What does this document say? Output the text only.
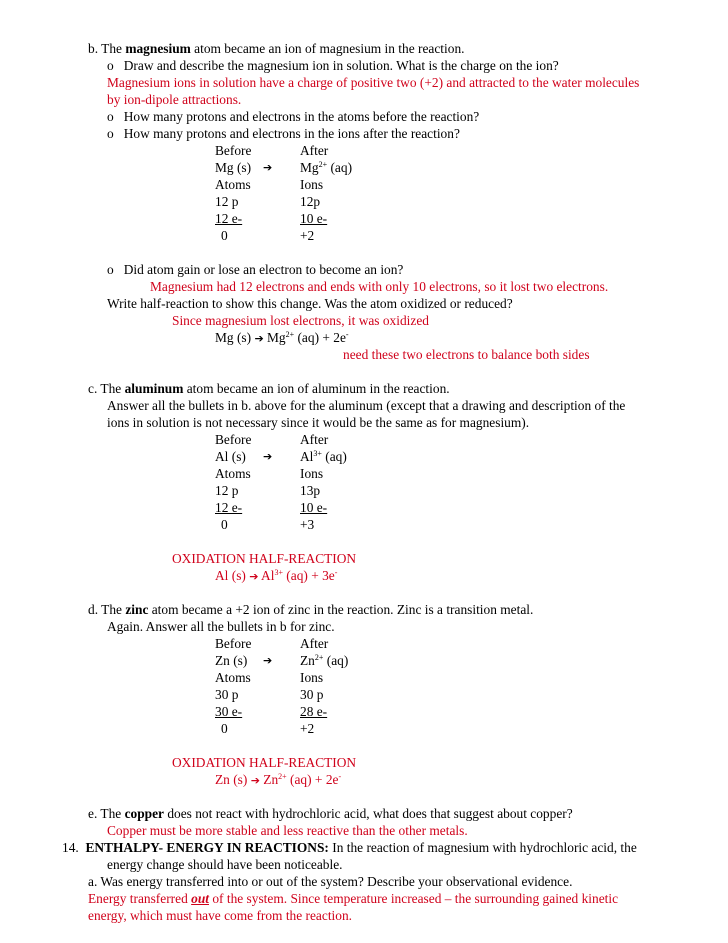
b. The magnesium atom became an ion of magnesium in the reaction.
o Draw and describe the magnesium ion in solution. What is the charge on the ion?
Magnesium ions in solution have a charge of positive two (+2) and attracted to the water molecules
by ion-dipole attractions.
o How many protons and electrons in the atoms before the reaction?
o How many protons and electrons in the ions after the reaction?
Before	After
Mg (s) ➔ $Mg^{2+}$ (aq)
Atoms	Ions
12 p	12p
12 e-	10 e-
0	+2
o Did atom gain or lose an electron to become an ion?
Magnesium had 12 electrons and ends with only 10 electrons, so it lost two electrons.
Write half-reaction to show this change. Was the atom oxidized or reduced?
Since magnesium lost electrons, it was oxidized
Mg (s) ➔ $Mg^{2+}$ (aq) + 2e-
need these two electrons to balance both sides
c. The aluminum atom became an ion of aluminum in the reaction.
Answer all the bullets in b. above for the aluminum (except that a drawing and description of the
ions in solution is not necessary since it would be the same as for magnesium).
Before	After
Al (s) ➔ $Al^{3+}$ (aq)
Atoms	Ions
12 p	13p
12 e-	10 e-
0	+3
OXIDATION HALF-REACTION
Al (s) ➔ $Al^{3+}$ (aq) + 3e-
d. The zinc atom became a +2 ion of zinc in the reaction. Zinc is a transition metal.
Again. Answer all the bullets in b for zinc.
Before	After
Zn (s) ➔ $Zn^{2+}$ (aq)
Atoms	Ions
30 p	30 p
30 e-	28 e-
0	+2
OXIDATION HALF-REACTION
Zn (s) ➔ $Zn^{2+}$ (aq) + 2e-
e. The copper does not react with hydrochloric acid, what does that suggest about copper?
Copper must be more stable and less reactive than the other metals.
14. ENTHALPY- ENERGY IN REACTIONS: In the reaction of magnesium with hydrochloric acid, the
energy change should have been noticeable.
a. Was energy transferred into or out of the system? Describe your observational evidence.
Energy transferred out of the system. Since temperature increased – the surrounding gained kinetic
energy, which must have come from the reaction.
